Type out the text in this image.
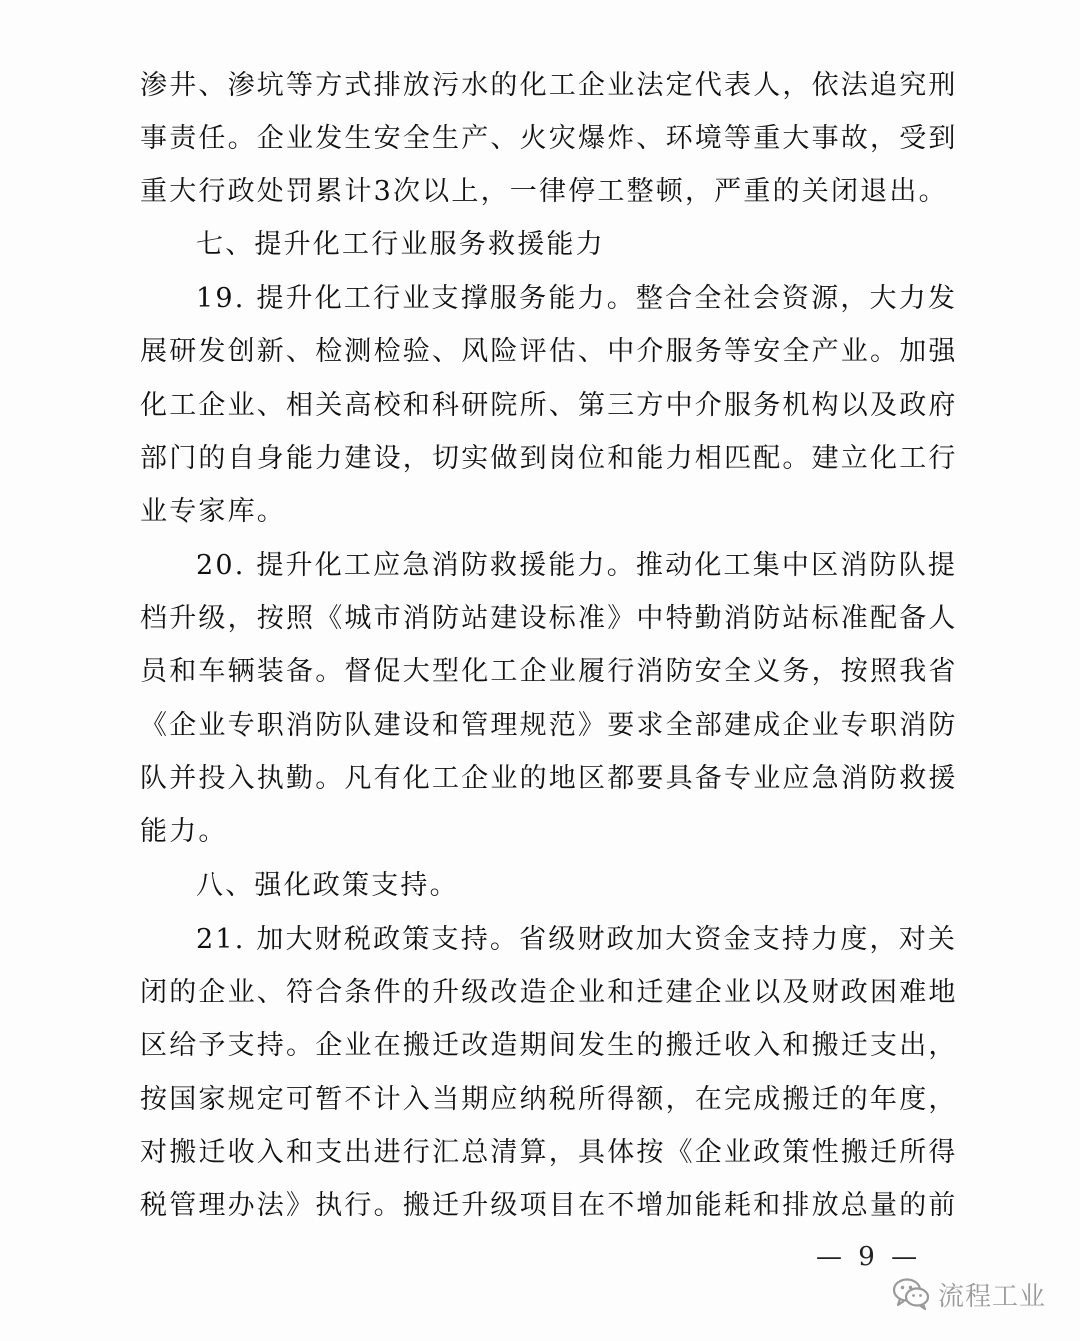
渗井、渗坑等方式排放污水的化工企业法定代表人，依法追究刑
事责任。企业发生安全生产、火灾爆炸、环境等重大事故，受到
重大行政处罚累计3次以上，一律停工整顿，严重的关闭退出。
七、提升化工行业服务救援能力
19. 提升化工行业支撑服务能力。整合全社会资源，大力发
展研发创新、检测检验、风险评估、中介服务等安全产业。加强
化工企业、相关高校和科研院所、第三方中介服务机构以及政府
部门的自身能力建设，切实做到岗位和能力相匹配。建立化工行
业专家库。
20. 提升化工应急消防救援能力。推动化工集中区消防队提
档升级，按照《城市消防站建设标准》中特勤消防站标准配备人
员和车辆装备。督促大型化工企业履行消防安全义务，按照我省
《企业专职消防队建设和管理规范》要求全部建成企业专职消防
队并投入执勤。凡有化工企业的地区都要具备专业应急消防救援
能力。
八、强化政策支持。
21. 加大财税政策支持。省级财政加大资金支持力度，对关
闭的企业、符合条件的升级改造企业和迁建企业以及财政困难地
区给予支持。企业在搬迁改造期间发生的搬迁收入和搬迁支出，
按国家规定可暂不计入当期应纳税所得额，在完成搬迁的年度，
对搬迁收入和支出进行汇总清算，具体按《企业政策性搬迁所得
税管理办法》执行。搬迁升级项目在不增加能耗和排放总量的前
— 9 —
流程工业
